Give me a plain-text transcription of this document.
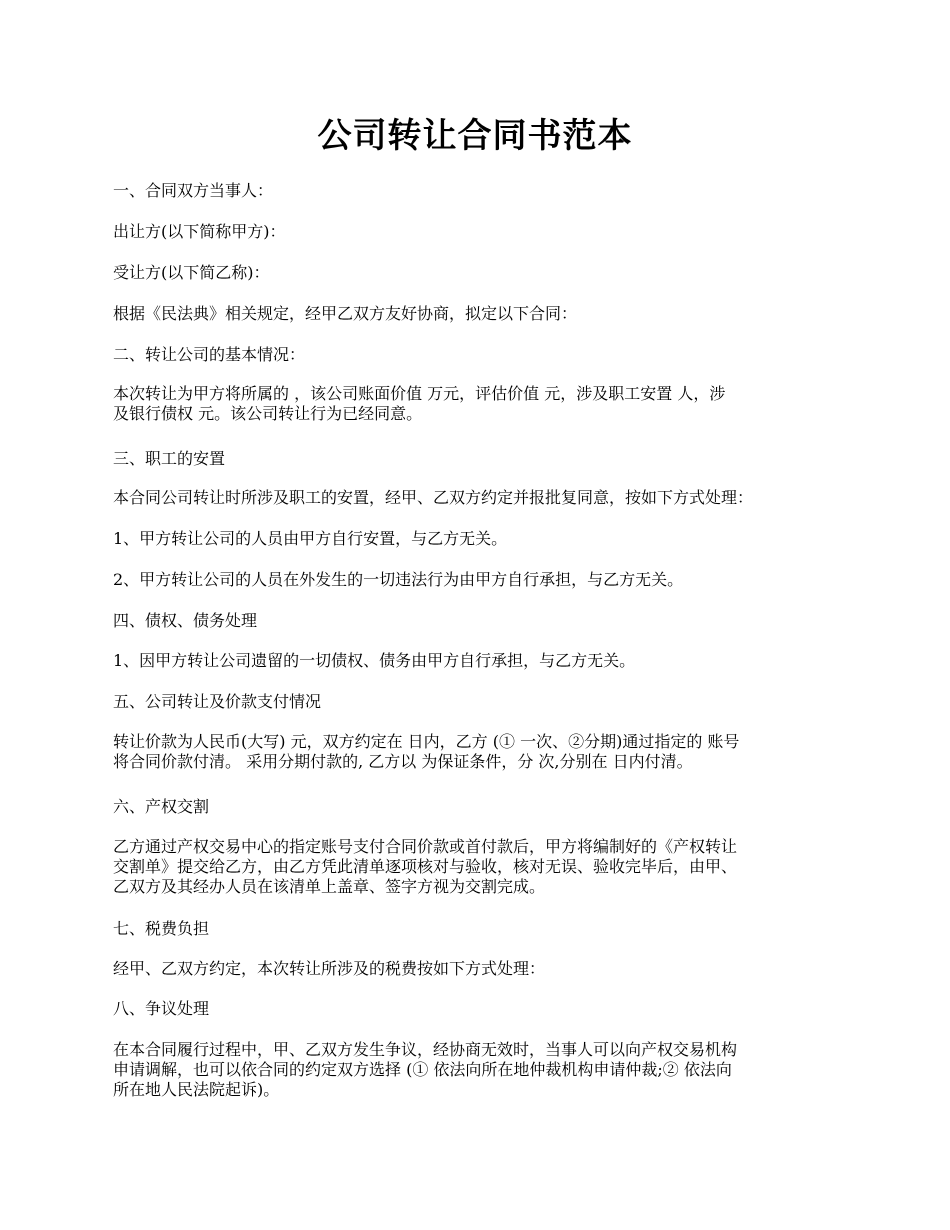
公司转让合同书范本
一、合同双方当事人：
出让方(以下简称甲方)：
受让方(以下简乙称)：
根据《民法典》相关规定，经甲乙双方友好协商，拟定以下合同：
二、转让公司的基本情况：
本次转让为甲方将所属的 ，该公司账面价值 万元，评估价值 元，涉及职工安置 人，涉
及银行债权 元。该公司转让行为已经同意。
三、职工的安置
本合同公司转让时所涉及职工的安置，经甲、乙双方约定并报批复同意，按如下方式处理：
1、甲方转让公司的人员由甲方自行安置，与乙方无关。
2、甲方转让公司的人员在外发生的一切违法行为由甲方自行承担，与乙方无关。
四、债权、债务处理
1、因甲方转让公司遗留的一切债权、债务由甲方自行承担，与乙方无关。
五、公司转让及价款支付情况
转让价款为人民币(大写) 元，双方约定在 日内，乙方 (① 一次、②分期)通过指定的 账号
将合同价款付清。 采用分期付款的, 乙方以 为保证条件，分 次,分别在 日内付清。
六、产权交割
乙方通过产权交易中心的指定账号支付合同价款或首付款后，甲方将编制好的《产权转让
交割单》提交给乙方，由乙方凭此清单逐项核对与验收，核对无误、验收完毕后，由甲、
乙双方及其经办人员在该清单上盖章、签字方视为交割完成。
七、税费负担
经甲、乙双方约定，本次转让所涉及的税费按如下方式处理：
八、争议处理
在本合同履行过程中，甲、乙双方发生争议，经协商无效时，当事人可以向产权交易机构
申请调解，也可以依合同的约定双方选择 (① 依法向所在地仲裁机构申请仲裁;② 依法向
所在地人民法院起诉)。
